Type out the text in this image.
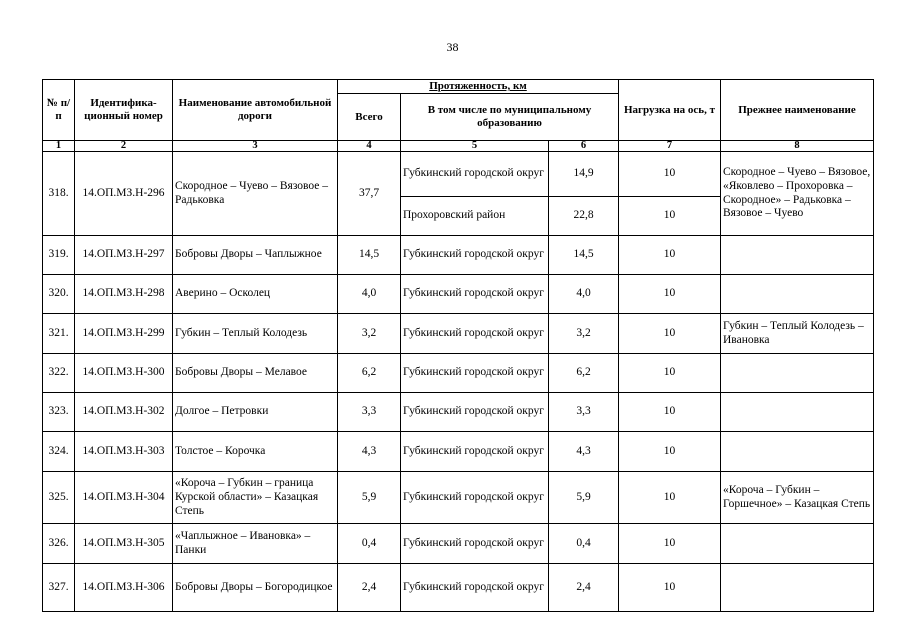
38
№ п/п	Идентифика-ционный номер	Наименование автомобильной дороги	Протяженность, км			Нагрузка на ось, т	Прежнее наименование
			Всего	В том числе по муниципальному образованию			
1	2	3	4	5	6	7	8
318.	14.ОП.МЗ.Н-296	Скородное – Чуево – Вязовое – Радьковка	37,7	Губкинский городской округ	14,9	10	Скородное – Чуево – Вязовое, «Яковлево – Прохоровка – Скородное» – Радьковка – Вязовое – Чуево
				Прохоровский район	22,8	10	
319.	14.ОП.МЗ.Н-297	Бобровы Дворы – Чаплыжное	14,5	Губкинский городской округ	14,5	10	
320.	14.ОП.МЗ.Н-298	Аверино – Осколец	4,0	Губкинский городской округ	4,0	10	
321.	14.ОП.МЗ.Н-299	Губкин – Теплый Колодезь	3,2	Губкинский городской округ	3,2	10	Губкин – Теплый Колодезь – Ивановка
322.	14.ОП.МЗ.Н-300	Бобровы Дворы – Мелавое	6,2	Губкинский городской округ	6,2	10	
323.	14.ОП.МЗ.Н-302	Долгое – Петровки	3,3	Губкинский городской округ	3,3	10	
324.	14.ОП.МЗ.Н-303	Толстое – Корочка	4,3	Губкинский городской округ	4,3	10	
325.	14.ОП.МЗ.Н-304	«Короча – Губкин – граница Курской области» – Казацкая Степь	5,9	Губкинский городской округ	5,9	10	«Короча – Губкин – Горшечное» – Казацкая Степь
326.	14.ОП.МЗ.Н-305	«Чаплыжное – Ивановка» – Панки	0,4	Губкинский городской округ	0,4	10	
327.	14.ОП.МЗ.Н-306	Бобровы Дворы – Богородицкое	2,4	Губкинский городской округ	2,4	10	
